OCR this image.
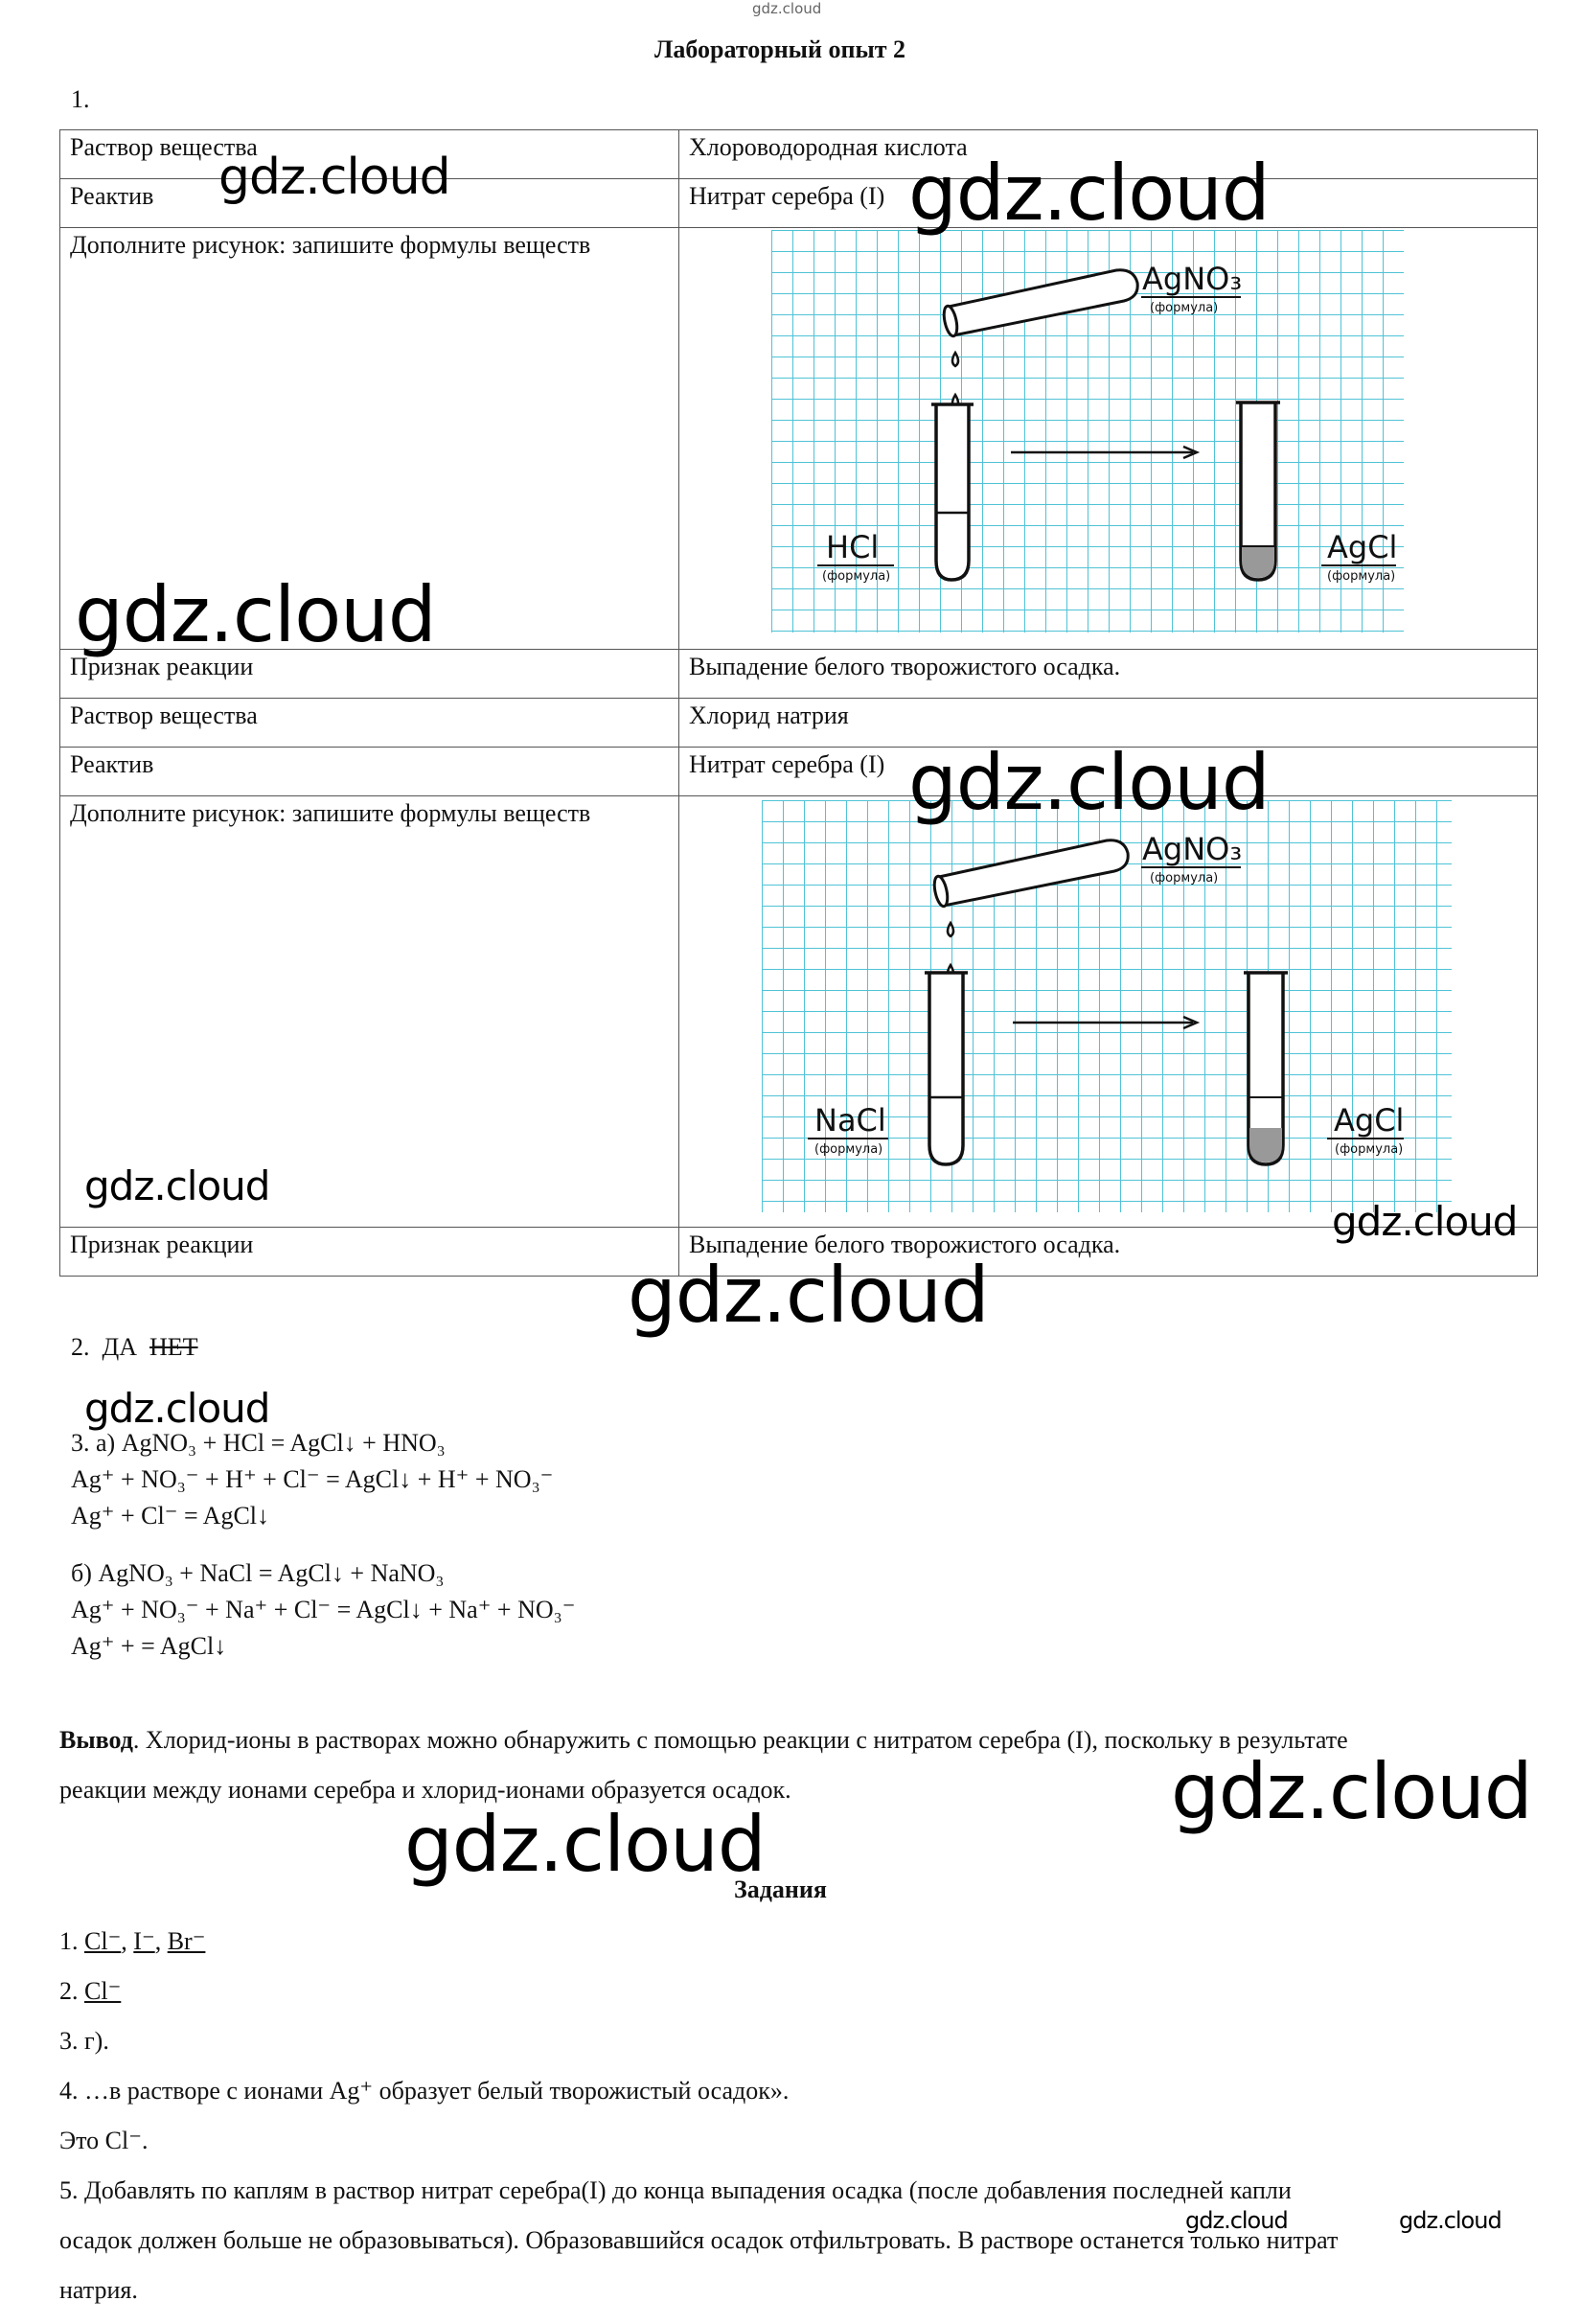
gdz.cloud
Лабораторный опыт 2
1.
Раствор вещества	Хлороводородная кислота
Реактив	Нитрат серебра (I)
Дополните рисунок: запишите формулы веществ	
Признак реакции	Выпадение белого творожистого осадка.
Раствор вещества	Хлорид натрия
Реактив	Нитрат серебра (I)
Дополните рисунок: запишите формулы веществ	
Признак реакции	Выпадение белого творожистого осадка.
AgNO₃
(формула)
HCl
(формула)
AgCl
(формула)
AgNO₃
(формула)
NaCl
(формула)
AgCl
(формула)
2. ДА НЕТ
3. а) AgNO₃ + HCl = AgCl↓ + HNO₃
Ag⁺ + NO₃⁻ + H⁺ + Cl⁻ = AgCl↓ + H⁺ + NO₃⁻
Ag⁺ + Cl⁻ = AgCl↓
б) AgNO₃ + NaCl = AgCl↓ + NaNO₃
Ag⁺ + NO₃⁻ + Na⁺ + Cl⁻ = AgCl↓ + Na⁺ + NO₃⁻
Ag⁺ + = AgCl↓
Вывод. Хлорид-ионы в растворах можно обнаружить с помощью реакции с нитратом серебра (I), поскольку в результате
реакции между ионами серебра и хлорид-ионами образуется осадок.
Задания
1. Cl⁻, I⁻, Br⁻
2. Cl⁻
3. г).
4. …в растворе с ионами Ag⁺ образует белый творожистый осадок».
Это Cl⁻.
5. Добавлять по каплям в раствор нитрат серебра(I) до конца выпадения осадка (после добавления последней капли
осадок должен больше не образовываться). Образовавшийся осадок отфильтровать. В растворе останется только нитрат
натрия.
gdz.cloud	gdz.cloud
gdz.cloud
gdz.cloud
gdz.cloud
gdz.cloud
gdz.cloud
gdz.cloud
gdz.cloud
gdz.cloud
gdz.cloud	gdz.cloud
